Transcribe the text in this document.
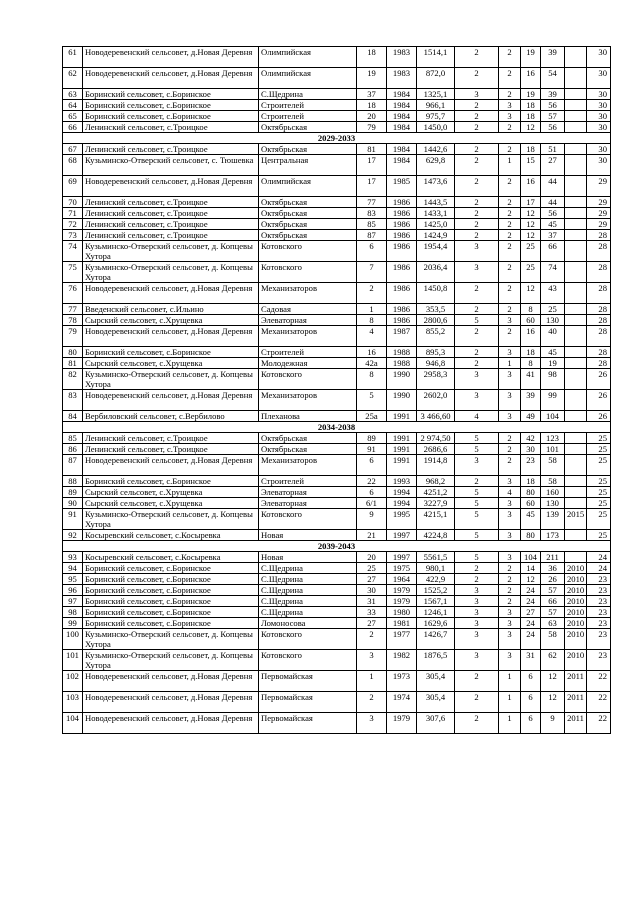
61	Новодеревенский сельсовет, д.Новая Деревня	Олимпийская	18	1983	1514,1	2	2	19	39		30
62	Новодеревенский сельсовет, д.Новая Деревня	Олимпийская	19	1983	872,0	2	2	16	54		30
63	Боринский сельсовет, с.Боринское	С.Щедрина	37	1984	1325,1	3	2	19	39		30
64	Боринский сельсовет, с.Боринское	Строителей	18	1984	966,1	2	3	18	56		30
65	Боринский сельсовет, с.Боринское	Строителей	20	1984	975,7	2	3	18	57		30
66	Ленинский сельсовет, с.Троицкое	Октябрьская	79	1984	1450,0	2	2	12	56		30
2029-2033											
67	Ленинский сельсовет, с.Троицкое	Октябрьская	81	1984	1442,6	2	2	18	51		30
68	Кузьминско-Отверский сельсовет, с. Тюшевка	Центральная	17	1984	629,8	2	1	15	27		30
69	Новодеревенский сельсовет, д.Новая Деревня	Олимпийская	17	1985	1473,6	2	2	16	44		29
70	Ленинский сельсовет, с.Троицкое	Октябрьская	77	1986	1443,5	2	2	17	44		29
71	Ленинский сельсовет, с.Троицкое	Октябрьская	83	1986	1433,1	2	2	12	56		29
72	Ленинский сельсовет, с.Троицкое	Октябрьская	85	1986	1425,0	2	2	12	45		29
73	Ленинский сельсовет, с.Троицкое	Октябрьская	87	1986	1424,9	2	2	12	37		28
74	Кузьминско-Отверский сельсовет, д. Копцевы Хутора	Котовского	6	1986	1954,4	3	2	25	66		28
75	Кузьминско-Отверский сельсовет, д. Копцевы Хутора	Котовского	7	1986	2036,4	3	2	25	74		28
76	Новодеревенский сельсовет, д.Новая Деревня	Механизаторов	2	1986	1450,8	2	2	12	43		28
77	Введенский сельсовет, с.Ильино	Садовая	1	1986	353,5	2	2	8	25		28
78	Сырский сельсовет, с.Хрущевка	Элеваторная	8	1986	2800,6	5	3	60	130		28
79	Новодеревенский сельсовет, д.Новая Деревня	Механизаторов	4	1987	855,2	2	2	16	40		28
80	Боринский сельсовет, с.Боринское	Строителей	16	1988	895,3	2	3	18	45		28
81	Сырский сельсовет, с.Хрущевка	Молодежная	42а	1988	946,8	2	1	8	19		28
82	Кузьминско-Отверский сельсовет, д. Копцевы Хутора	Котовского	8	1990	2958,3	3	3	41	98		26
83	Новодеревенский сельсовет, д.Новая Деревня	Механизаторов	5	1990	2602,0	3	3	39	99		26
84	Вербиловский сельсовет, с.Вербилово	Плеханова	25а	1991	3 466,60	4	3	49	104		26
2034-2038											
85	Ленинский сельсовет, с.Троицкое	Октябрьская	89	1991	2 974,50	5	2	42	123		25
86	Ленинский сельсовет, с.Троицкое	Октябрьская	91	1991	2686,6	5	2	30	101		25
87	Новодеревенский сельсовет, д.Новая Деревня	Механизаторов	6	1991	1914,8	3	2	23	58		25
88	Боринский сельсовет, с.Боринское	Строителей	22	1993	968,2	2	3	18	58		25
89	Сырский сельсовет, с.Хрущевка	Элеваторная	6	1994	4251,2	5	4	80	160		25
90	Сырский сельсовет, с.Хрущевка	Элеваторная	6/1	1994	3227,9	5	3	60	130		25
91	Кузьминско-Отверский сельсовет, д. Копцевы Хутора	Котовского	9	1995	4215,1	5	3	45	139	2015	25
92	Косыревский сельсовет, с.Косыревка	Новая	21	1997	4224,8	5	3	80	173		25
2039-2043											
93	Косыревский сельсовет, с.Косыревка	Новая	20	1997	5561,5	5	3	104	211		24
94	Боринский сельсовет, с.Боринское	С.Щедрина	25	1975	980,1	2	2	14	36	2010	24
95	Боринский сельсовет, с.Боринское	С.Щедрина	27	1964	422,9	2	2	12	26	2010	23
96	Боринский сельсовет, с.Боринское	С.Щедрина	30	1979	1525,2	3	2	24	57	2010	23
97	Боринский сельсовет, с.Боринское	С.Щедрина	31	1979	1567,1	3	2	24	66	2010	23
98	Боринский сельсовет, с.Боринское	С.Щедрина	33	1980	1246,1	3	3	27	57	2010	23
99	Боринский сельсовет, с.Боринское	Ломоносова	27	1981	1629,6	3	3	24	63	2010	23
100	Кузьминско-Отверский сельсовет, д. Копцевы Хутора	Котовского	2	1977	1426,7	3	3	24	58	2010	23
101	Кузьминско-Отверский сельсовет, д. Копцевы Хутора	Котовского	3	1982	1876,5	3	3	31	62	2010	23
102	Новодеревенский сельсовет, д.Новая Деревня	Первомайская	1	1973	305,4	2	1	6	12	2011	22
103	Новодеревенский сельсовет, д.Новая Деревня	Первомайская	2	1974	305,4	2	1	6	12	2011	22
104	Новодеревенский сельсовет, д.Новая Деревня	Первомайская	3	1979	307,6	2	1	6	9	2011	22
